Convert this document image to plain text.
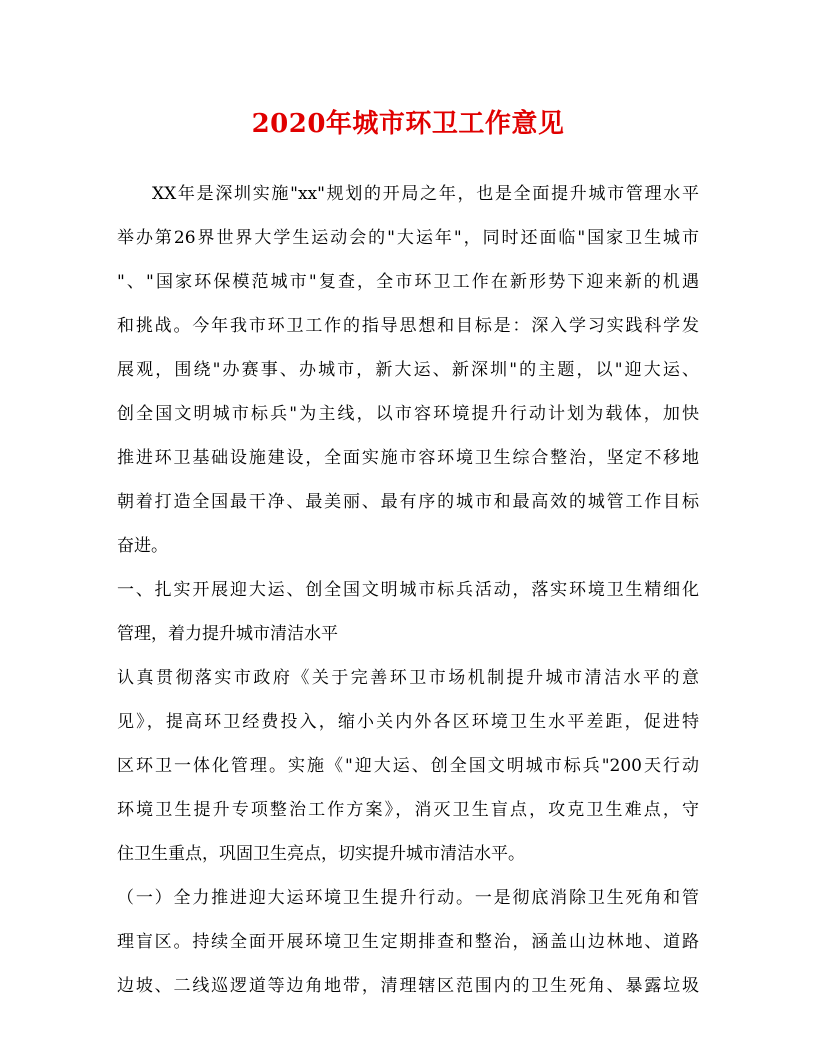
2020年城市环卫工作意见
XX年是深圳实施"xx"规划的开局之年，也是全面提升城市管理水平
举办第26界世界大学生运动会的"大运年"，同时还面临"国家卫生城市
"、"国家环保模范城市"复查，全市环卫工作在新形势下迎来新的机遇
和挑战。今年我市环卫工作的指导思想和目标是：深入学习实践科学发
展观，围绕"办赛事、办城市，新大运、新深圳"的主题，以"迎大运、
创全国文明城市标兵"为主线，以市容环境提升行动计划为载体，加快
推进环卫基础设施建设，全面实施市容环境卫生综合整治，坚定不移地
朝着打造全国最干净、最美丽、最有序的城市和最高效的城管工作目标
奋进。
一、扎实开展迎大运、创全国文明城市标兵活动，落实环境卫生精细化
管理，着力提升城市清洁水平
认真贯彻落实市政府《关于完善环卫市场机制提升城市清洁水平的意
见》，提高环卫经费投入，缩小关内外各区环境卫生水平差距，促进特
区环卫一体化管理。实施《"迎大运、创全国文明城市标兵"200天行动
环境卫生提升专项整治工作方案》，消灭卫生盲点，攻克卫生难点，守
住卫生重点，巩固卫生亮点，切实提升城市清洁水平。
（一）全力推进迎大运环境卫生提升行动。一是彻底消除卫生死角和管
理盲区。持续全面开展环境卫生定期排查和整治，涵盖山边林地、道路
边坡、二线巡逻道等边角地带，清理辖区范围内的卫生死角、暴露垃圾
